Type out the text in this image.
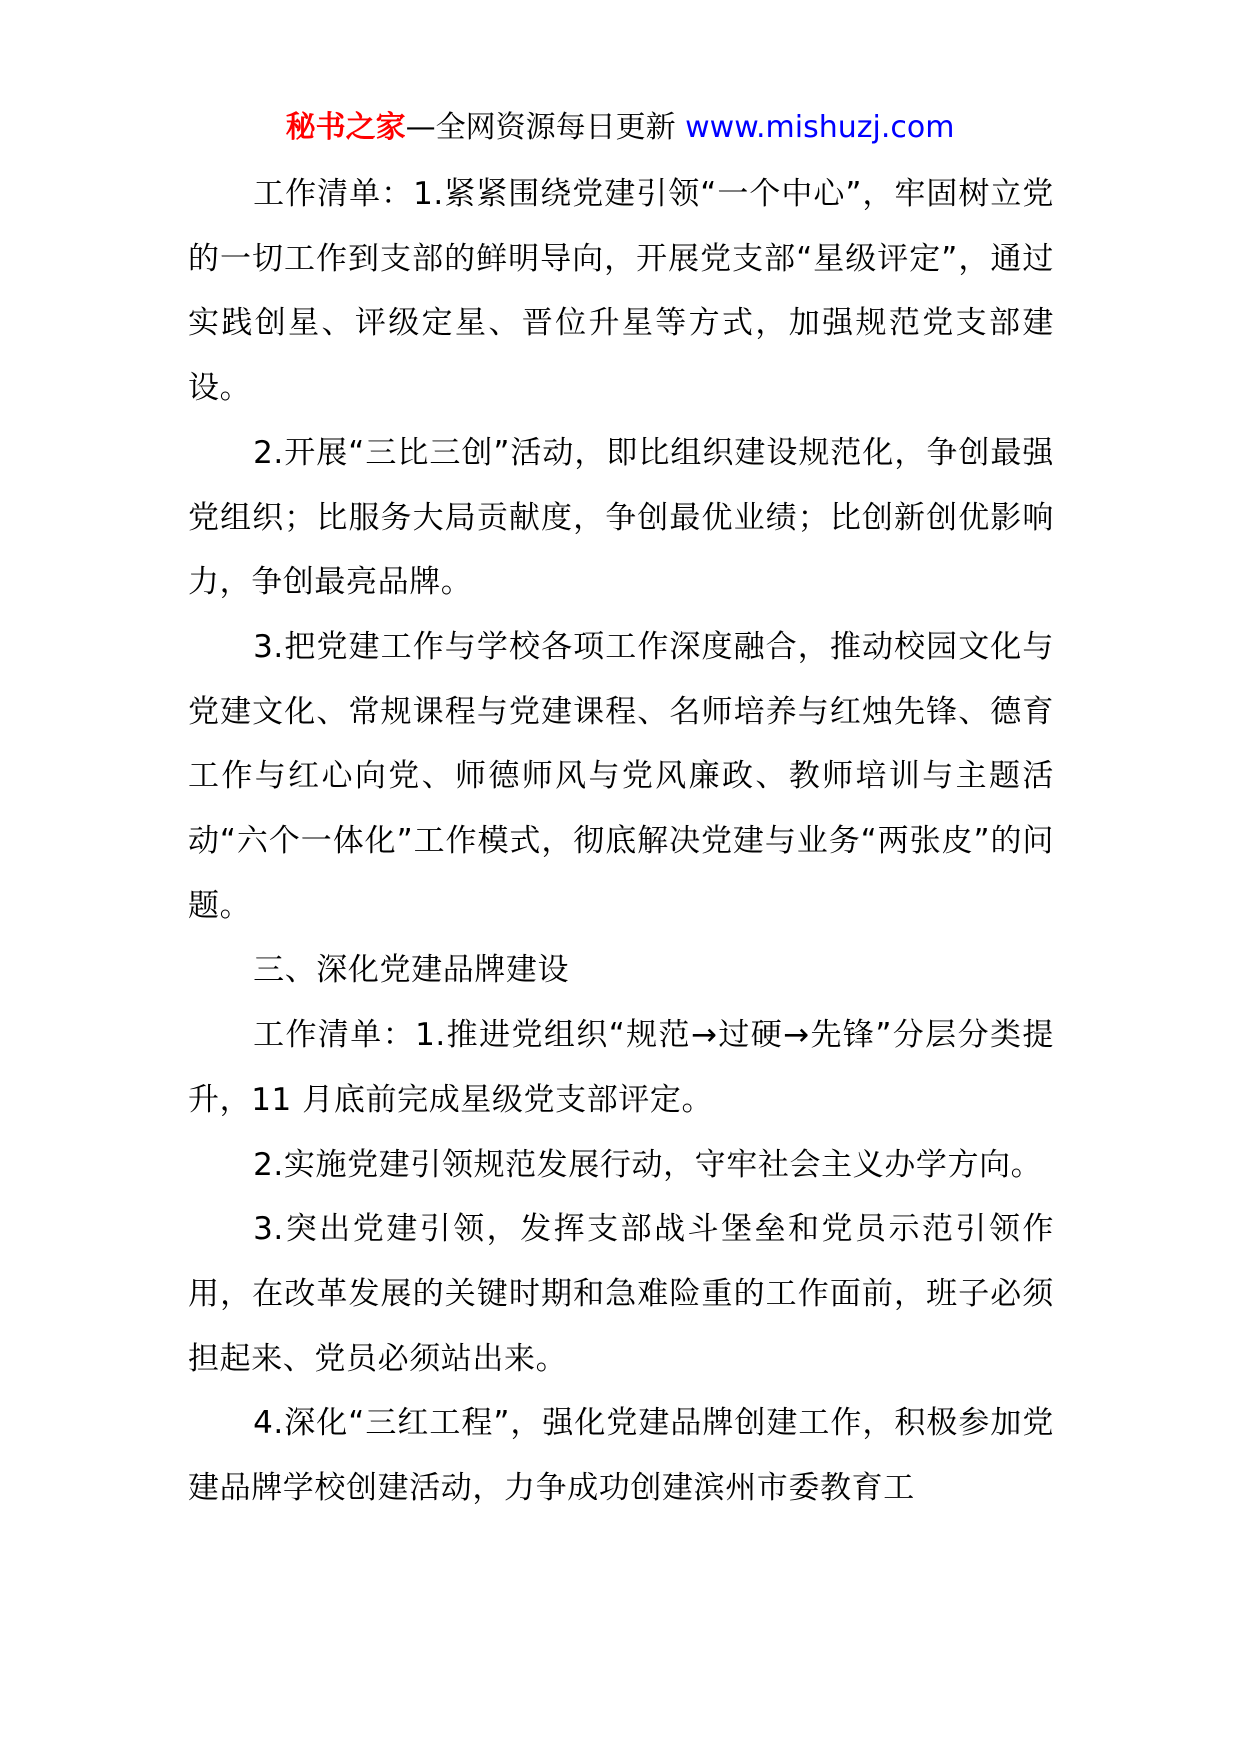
秘书之家—全网资源每日更新 www.mishuzj.com

工作清单：1.紧紧围绕党建引领“一个中心”，牢固树立党的一切工作到支部的鲜明导向，开展党支部“星级评定”，通过实践创星、评级定星、晋位升星等方式，加强规范党支部建设。

2.开展“三比三创”活动，即比组织建设规范化，争创最强党组织；比服务大局贡献度，争创最优业绩；比创新创优影响力，争创最亮品牌。

3.把党建工作与学校各项工作深度融合，推动校园文化与党建文化、常规课程与党建课程、名师培养与红烛先锋、德育工作与红心向党、师德师风与党风廉政、教师培训与主题活动“六个一体化”工作模式，彻底解决党建与业务“两张皮”的问题。

三、深化党建品牌建设

工作清单：1.推进党组织“规范→过硬→先锋”分层分类提升，11 月底前完成星级党支部评定。

2.实施党建引领规范发展行动，守牢社会主义办学方向。

3.突出党建引领，发挥支部战斗堡垒和党员示范引领作用，在改革发展的关键时期和急难险重的工作面前，班子必须担起来、党员必须站出来。

4.深化“三红工程”，强化党建品牌创建工作，积极参加党建品牌学校创建活动，力争成功创建滨州市委教育工
